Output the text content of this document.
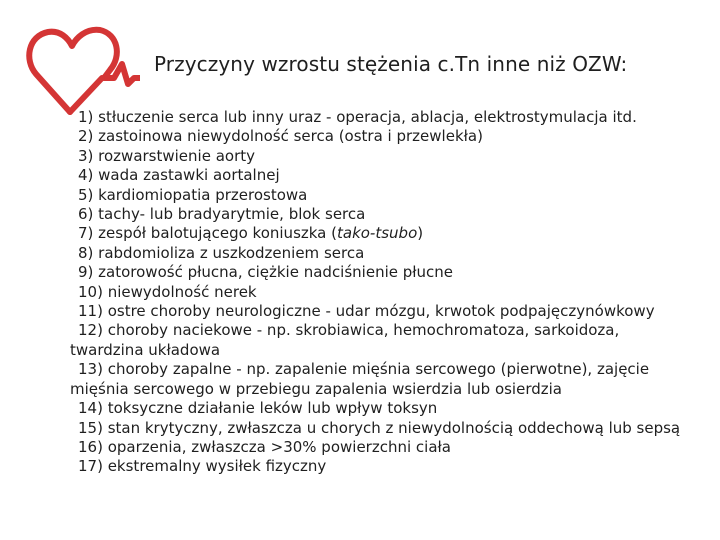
Przyczyny wzrostu stężenia c.Tn inne niż OZW:

1) stłuczenie serca lub inny uraz - operacja, ablacja, elektrostymulacja itd.

2) zastoinowa niewydolność serca (ostra i przewlekła)

3) rozwarstwienie aorty

4) wada zastawki aortalnej

5) kardiomiopatia przerostowa

6) tachy- lub bradyarytmie, blok serca

7) zespół balotującego koniuszka (tako-tsubo)

8) rabdomioliza z uszkodzeniem serca

9) zatorowość płucna, ciężkie nadciśnienie płucne

10) niewydolność nerek

11) ostre choroby neurologiczne - udar mózgu, krwotok podpajęczynówkowy

12) choroby naciekowe - np. skrobiawica, hemochromatoza, sarkoidoza, twardzina układowa

13) choroby zapalne - np. zapalenie mięśnia sercowego (pierwotne), zajęcie mięśnia sercowego w przebiegu zapalenia wsierdzia lub osierdzia

14) toksyczne działanie leków lub wpływ toksyn

15) stan krytyczny, zwłaszcza u chorych z niewydolnością oddechową lub sepsą

16) oparzenia, zwłaszcza >30% powierzchni ciała

17) ekstremalny wysiłek fizyczny
